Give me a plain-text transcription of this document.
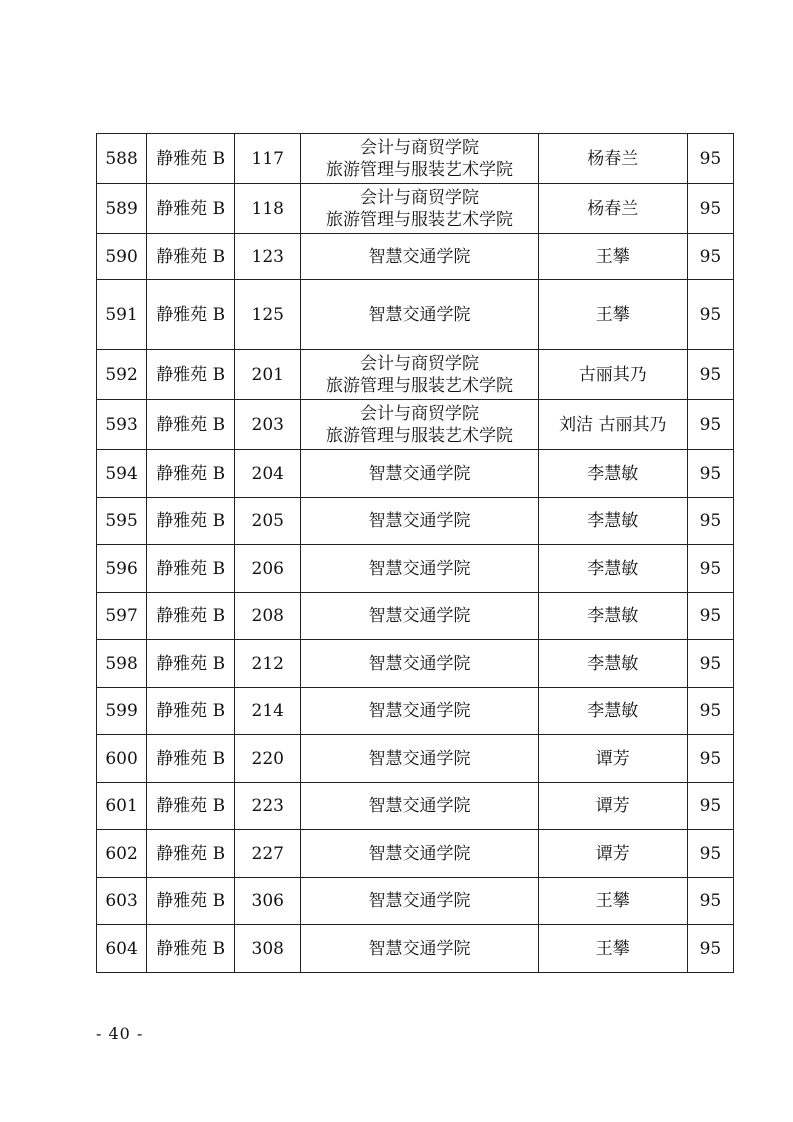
588	静雅苑 B	117	会计与商贸学院
旅游管理与服装艺术学院	杨春兰	95
589	静雅苑 B	118	会计与商贸学院
旅游管理与服装艺术学院	杨春兰	95
590	静雅苑 B	123	智慧交通学院	王攀	95
591	静雅苑 B	125	智慧交通学院	王攀	95
592	静雅苑 B	201	会计与商贸学院
旅游管理与服装艺术学院	古丽其乃	95
593	静雅苑 B	203	会计与商贸学院
旅游管理与服装艺术学院	刘洁 古丽其乃	95
594	静雅苑 B	204	智慧交通学院	李慧敏	95
595	静雅苑 B	205	智慧交通学院	李慧敏	95
596	静雅苑 B	206	智慧交通学院	李慧敏	95
597	静雅苑 B	208	智慧交通学院	李慧敏	95
598	静雅苑 B	212	智慧交通学院	李慧敏	95
599	静雅苑 B	214	智慧交通学院	李慧敏	95
600	静雅苑 B	220	智慧交通学院	谭芳	95
601	静雅苑 B	223	智慧交通学院	谭芳	95
602	静雅苑 B	227	智慧交通学院	谭芳	95
603	静雅苑 B	306	智慧交通学院	王攀	95
604	静雅苑 B	308	智慧交通学院	王攀	95
- 40 -
